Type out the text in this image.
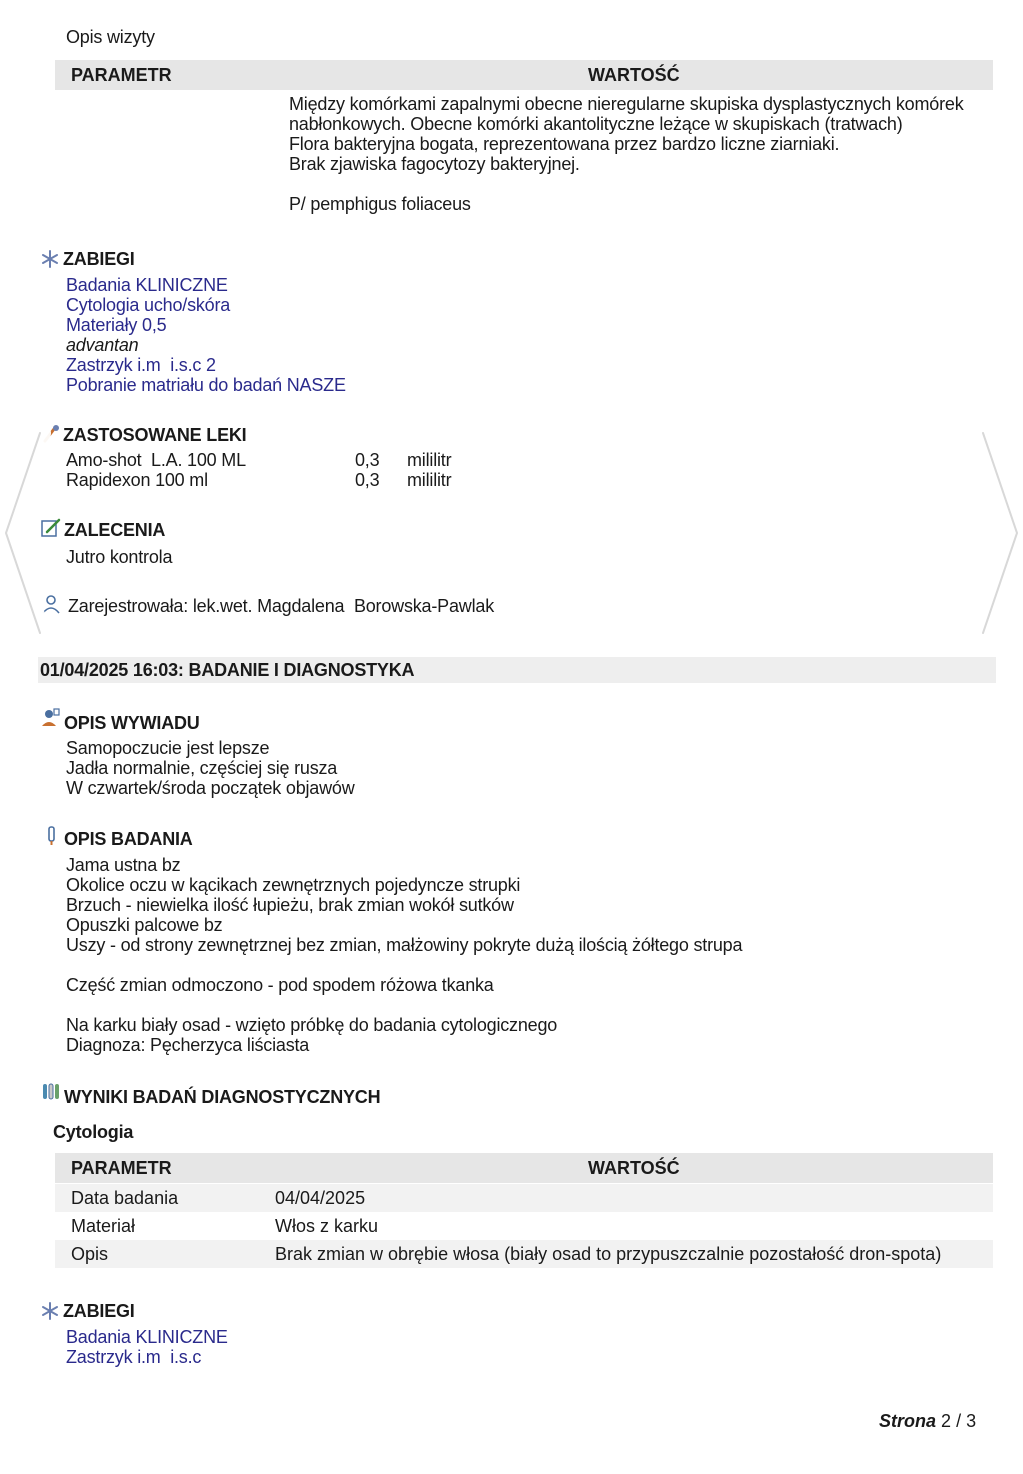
Opis wizyty
PARAMETR	WARTOŚĆ
Między komórkami zapalnymi obecne nieregularne skupiska dysplastycznych komórek
nabłonkowych. Obecne komórki akantolityczne leżące w skupiskach (tratwach)
Flora bakteryjna bogata, reprezentowana przez bardzo liczne ziarniaki.
Brak zjawiska fagocytozy bakteryjnej.
P/ pemphigus foliaceus
ZABIEGI
Badania KLINICZNE
Cytologia ucho/skóra
Materiały 0,5
advantan
Zastrzyk i.m  i.s.c 2
Pobranie matriału do badań NASZE
ZASTOSOWANE LEKI
Amo-shot  L.A. 100 ML	0,3 mililitr
Rapidexon 100 ml	0,3 mililitr
ZALECENIA
Jutro kontrola
Zarejestrowała: lek.wet. Magdalena  Borowska-Pawlak
01/04/2025 16:03: BADANIE I DIAGNOSTYKA
OPIS WYWIADU
Samopoczucie jest lepsze
Jadła normalnie, częściej się rusza
W czwartek/środa początek objawów
OPIS BADANIA
Jama ustna bz
Okolice oczu w kącikach zewnętrznych pojedyncze strupki
Brzuch - niewielka ilość łupieżu, brak zmian wokół sutków
Opuszki palcowe bz
Uszy - od strony zewnętrznej bez zmian, małżowiny pokryte dużą ilością żółtego strupa
Część zmian odmoczono - pod spodem różowa tkanka
Na karku biały osad - wzięto próbkę do badania cytologicznego
Diagnoza: Pęcherzyca liściasta
WYNIKI BADAŃ DIAGNOSTYCZNYCH
Cytologia
PARAMETR	WARTOŚĆ
Data badania	04/04/2025
Materiał	Włos z karku
Opis	Brak zmian w obrębie włosa (biały osad to przypuszczalnie pozostałość dron-spota)
ZABIEGI
Badania KLINICZNE
Zastrzyk i.m  i.s.c
Strona 2 / 3
